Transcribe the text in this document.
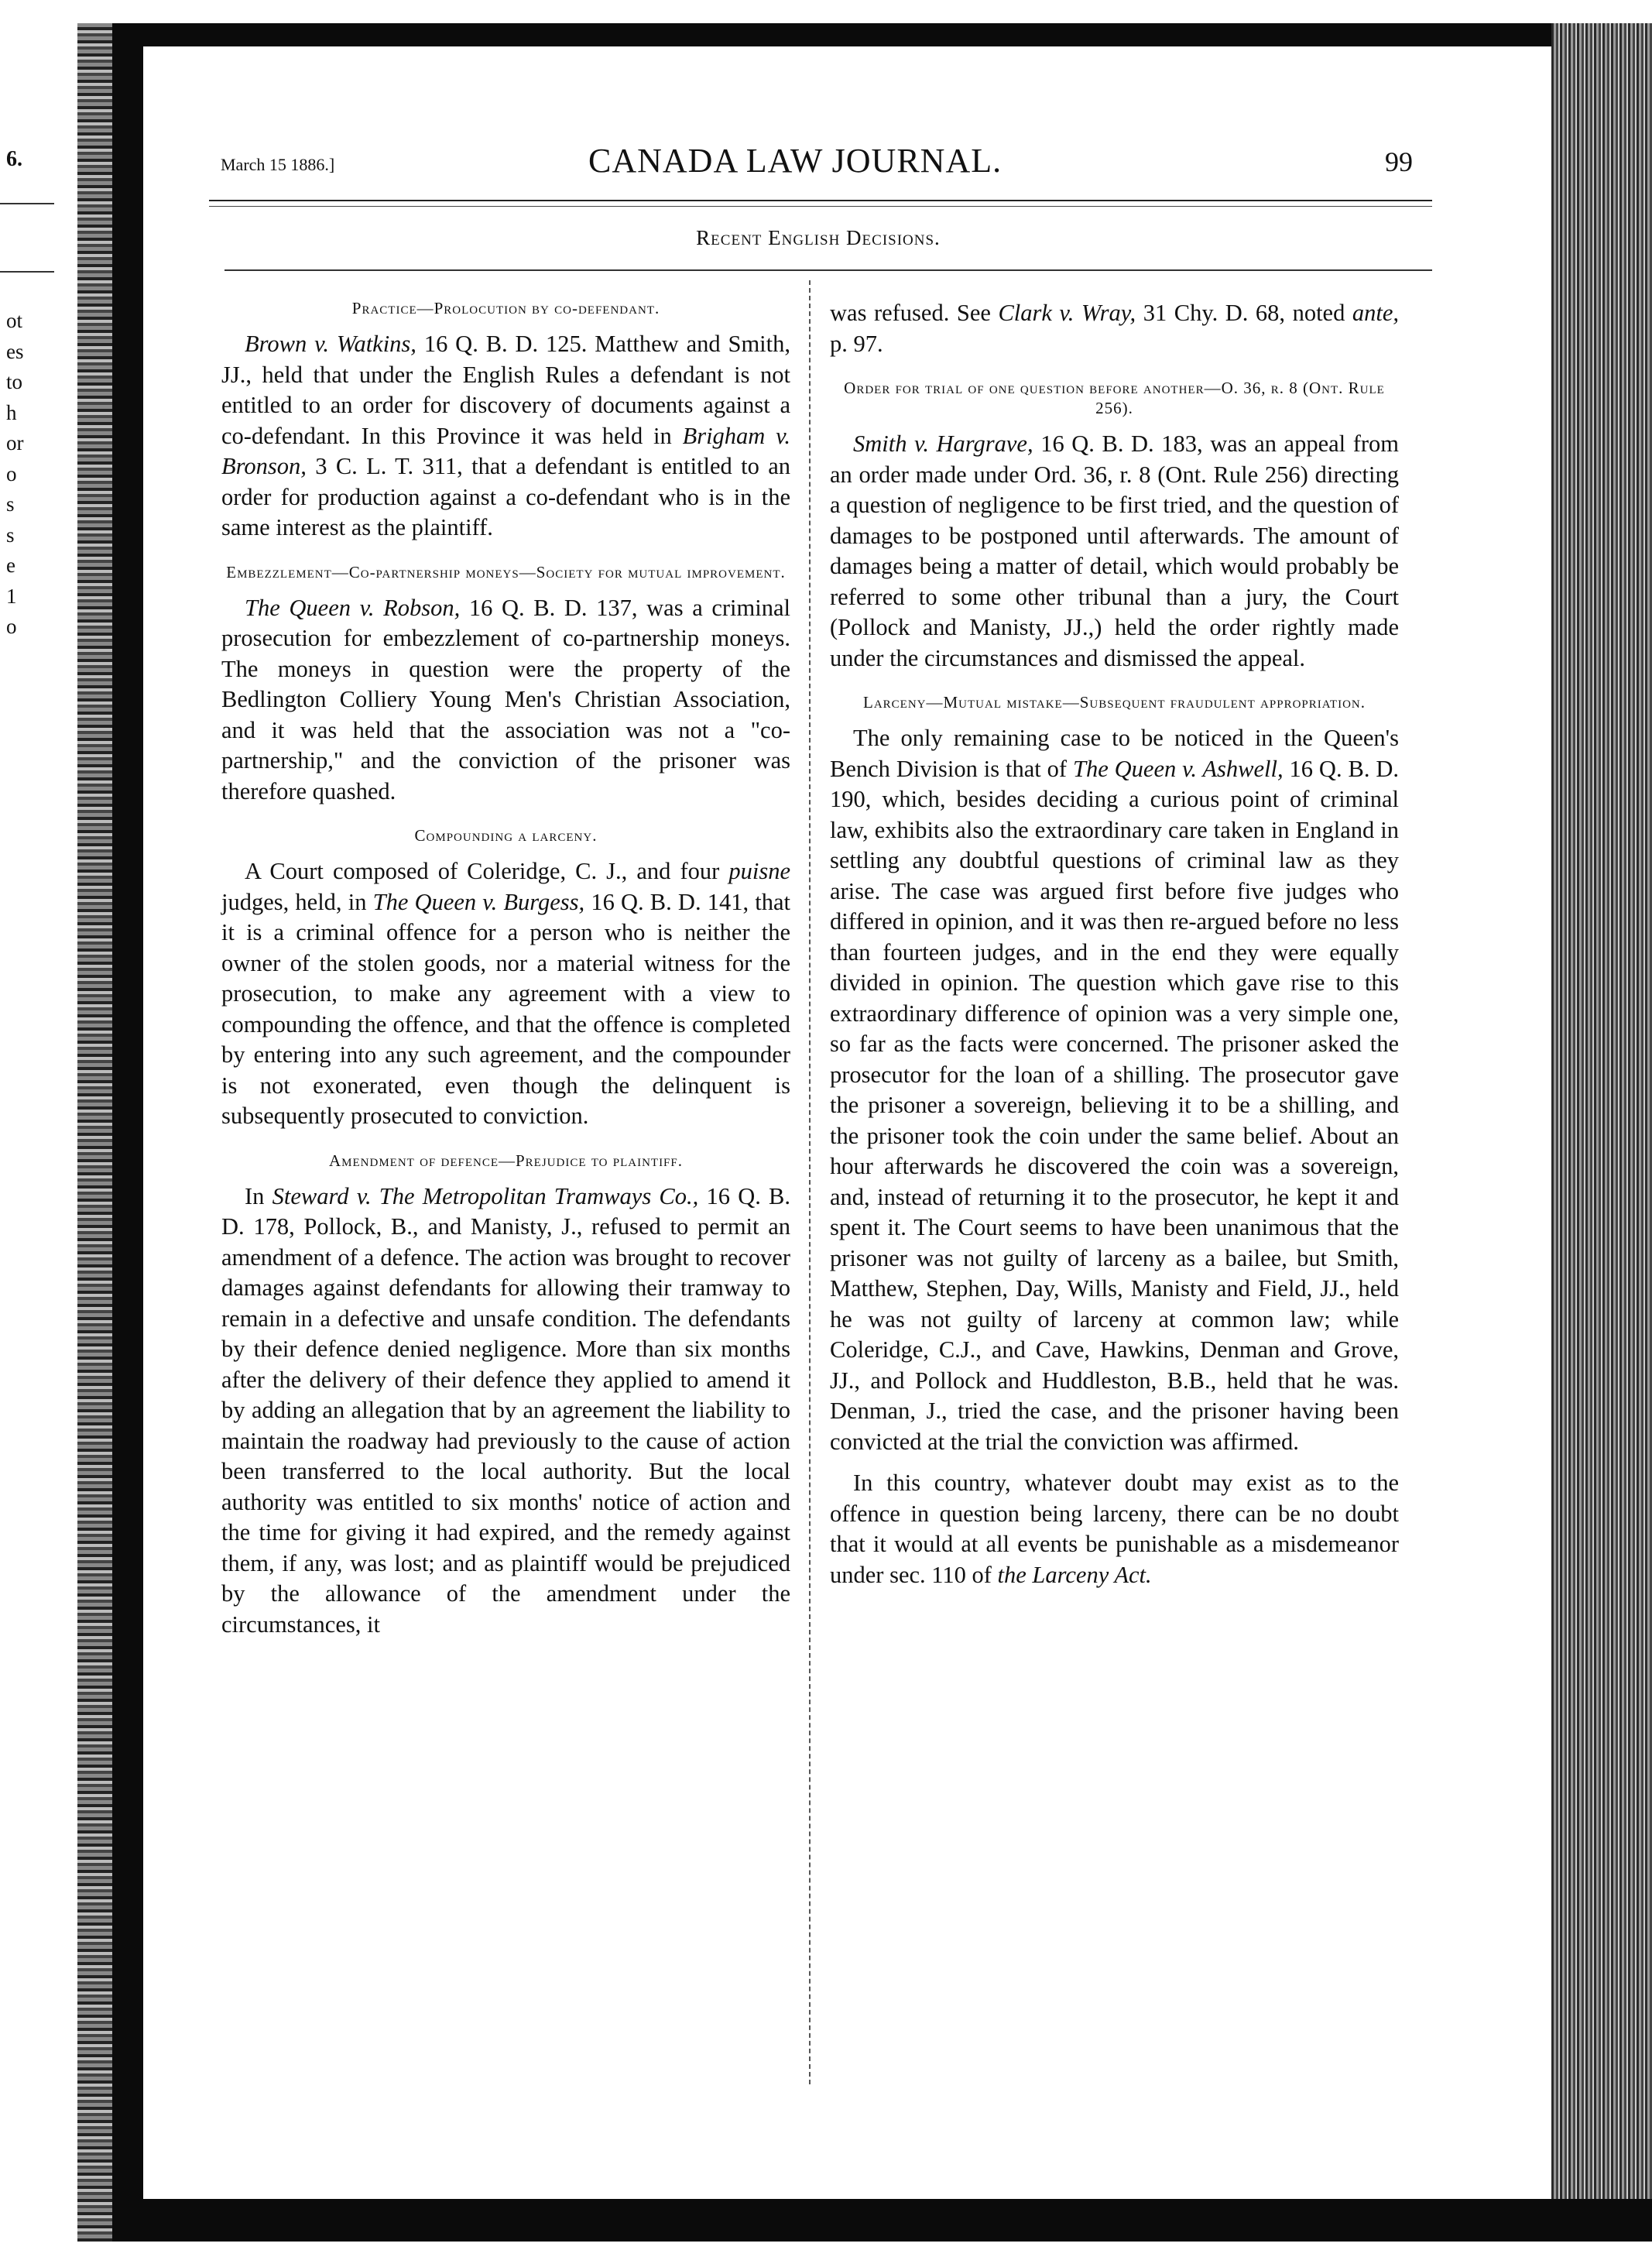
6.
ot
es
to
h
or
o
s
s
e
1
o
March 15 1886.]	CANADA LAW JOURNAL.	99
Recent English Decisions.
Practice—Prolocution by co-defendant.

Brown v. Watkins, 16 Q. B. D. 125. Matthew and Smith, JJ., held that under the English Rules a defendant is not entitled to an order for discovery of documents against a co-defendant. In this Province it was held in Brigham v. Bronson, 3 C. L. T. 311, that a defendant is entitled to an order for production against a co-defendant who is in the same interest as the plaintiff.

Embezzlement—Co-partnership moneys—Society for mutual improvement.

The Queen v. Robson, 16 Q. B. D. 137, was a criminal prosecution for embezzlement of co-partnership moneys. The moneys in question were the property of the Bedlington Colliery Young Men's Christian Association, and it was held that the association was not a "co-partnership," and the conviction of the prisoner was therefore quashed.

Compounding a larceny.

A Court composed of Coleridge, C. J., and four puisne judges, held, in The Queen v. Burgess, 16 Q. B. D. 141, that it is a criminal offence for a person who is neither the owner of the stolen goods, nor a material witness for the prosecution, to make any agreement with a view to compounding the offence, and that the offence is completed by entering into any such agreement, and the compounder is not exonerated, even though the delinquent is subsequently prosecuted to conviction.

Amendment of defence—Prejudice to plaintiff.

In Steward v. The Metropolitan Tramways Co., 16 Q. B. D. 178, Pollock, B., and Manisty, J., refused to permit an amendment of a defence. The action was brought to recover damages against defendants for allowing their tramway to remain in a defective and unsafe condition. The defendants by their defence denied negligence. More than six months after the delivery of their defence they applied to amend it by adding an allegation that by an agreement the liability to maintain the roadway had previously to the cause of action been transferred to the local authority. But the local authority was entitled to six months' notice of action and the time for giving it had expired, and the remedy against them, if any, was lost; and as plaintiff would be prejudiced by the allowance of the amendment under the circumstances, it

was refused. See Clark v. Wray, 31 Chy. D. 68, noted ante, p. 97.

Order for trial of one question before another—O. 36, r. 8 (Ont. Rule 256).

Smith v. Hargrave, 16 Q. B. D. 183, was an appeal from an order made under Ord. 36, r. 8 (Ont. Rule 256) directing a question of negligence to be first tried, and the question of damages to be postponed until afterwards. The amount of damages being a matter of detail, which would probably be referred to some other tribunal than a jury, the Court (Pollock and Manisty, JJ.,) held the order rightly made under the circumstances and dismissed the appeal.

Larceny—Mutual mistake—Subsequent fraudulent appropriation.

The only remaining case to be noticed in the Queen's Bench Division is that of The Queen v. Ashwell, 16 Q. B. D. 190, which, besides deciding a curious point of criminal law, exhibits also the extraordinary care taken in England in settling any doubtful questions of criminal law as they arise. The case was argued first before five judges who differed in opinion, and it was then re-argued before no less than fourteen judges, and in the end they were equally divided in opinion. The question which gave rise to this extraordinary difference of opinion was a very simple one, so far as the facts were concerned. The prisoner asked the prosecutor for the loan of a shilling. The prosecutor gave the prisoner a sovereign, believing it to be a shilling, and the prisoner took the coin under the same belief. About an hour afterwards he discovered the coin was a sovereign, and, instead of returning it to the prosecutor, he kept it and spent it. The Court seems to have been unanimous that the prisoner was not guilty of larceny as a bailee, but Smith, Matthew, Stephen, Day, Wills, Manisty and Field, JJ., held he was not guilty of larceny at common law; while Coleridge, C.J., and Cave, Hawkins, Denman and Grove, JJ., and Pollock and Huddleston, B.B., held that he was. Denman, J., tried the case, and the prisoner having been convicted at the trial the conviction was affirmed.

In this country, whatever doubt may exist as to the offence in question being larceny, there can be no doubt that it would at all events be punishable as a misdemeanor under sec. 110 of the Larceny Act.
